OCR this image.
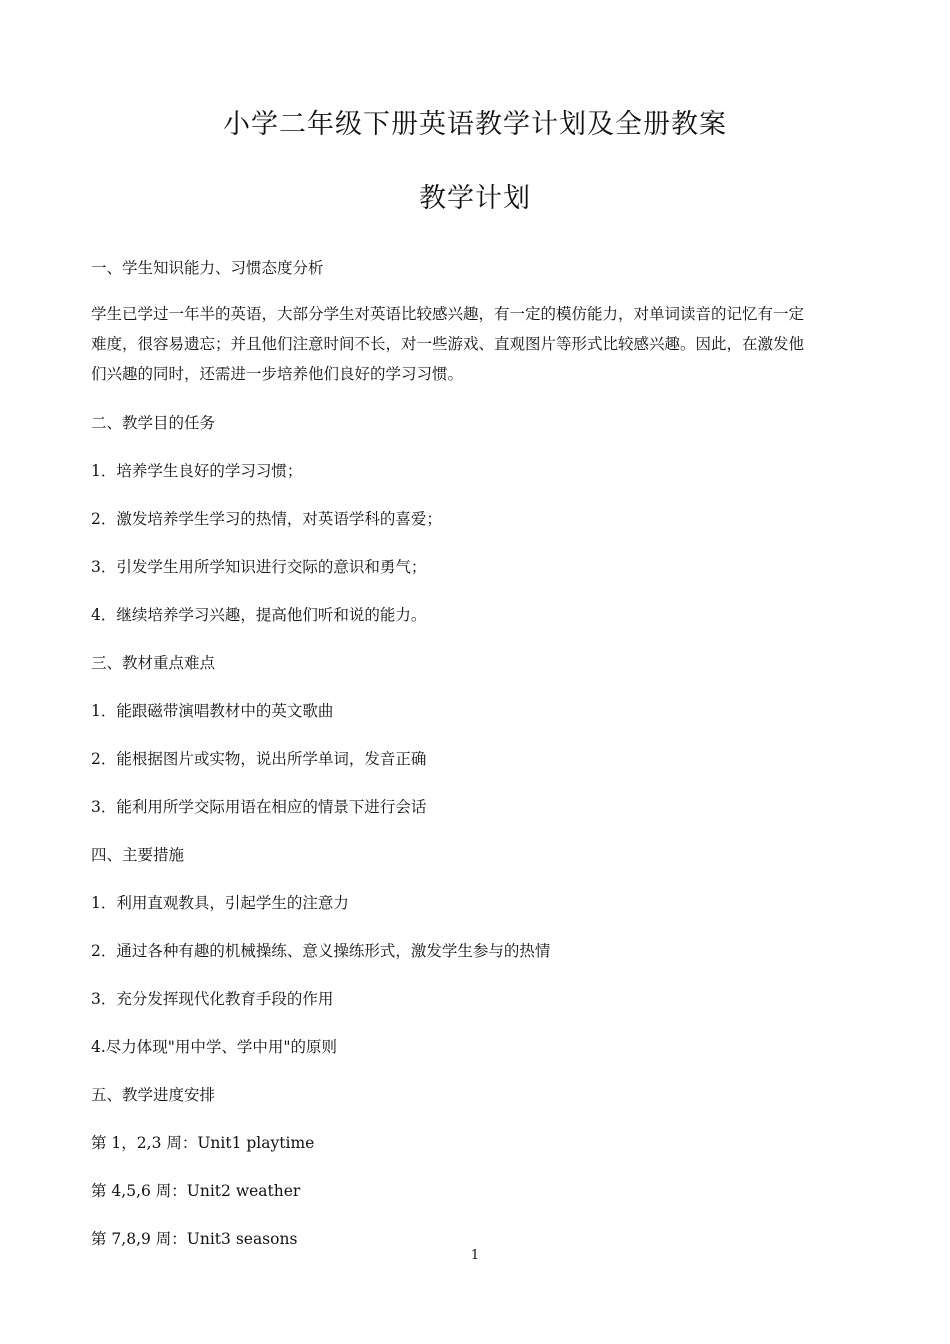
小学二年级下册英语教学计划及全册教案
教学计划
一、学生知识能力、习惯态度分析
学生已学过一年半的英语，大部分学生对英语比较感兴趣，有一定的模仿能力，对单词读音的记忆有一定
难度，很容易遗忘；并且他们注意时间不长，对一些游戏、直观图片等形式比较感兴趣。因此，在激发他
们兴趣的同时，还需进一步培养他们良好的学习习惯。
二、教学目的任务
1．培养学生良好的学习习惯；
2．激发培养学生学习的热情，对英语学科的喜爱；
3．引发学生用所学知识进行交际的意识和勇气；
4．继续培养学习兴趣，提高他们听和说的能力。
三、教材重点难点
1．能跟磁带演唱教材中的英文歌曲
2．能根据图片或实物，说出所学单词，发音正确
3．能利用所学交际用语在相应的情景下进行会话
四、主要措施
1．利用直观教具，引起学生的注意力
2．通过各种有趣的机械操练、意义操练形式，激发学生参与的热情
3．充分发挥现代化教育手段的作用
4.尽力体现"用中学、学中用"的原则
五、教学进度安排
第 1，2,3 周：Unit1 playtime
第 4,5,6 周：Unit2 weather
第 7,8,9 周：Unit3 seasons
1
